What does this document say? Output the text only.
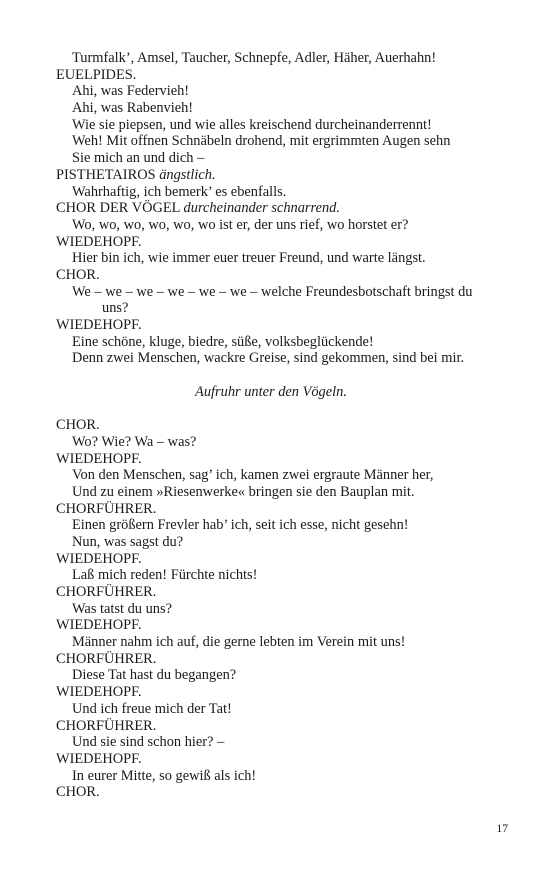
Turmfalk’, Amsel, Taucher, Schnepfe, Adler, Häher, Auerhahn!
EUELPIDES.
Ahi, was Federvieh!
Ahi, was Rabenvieh!
Wie sie piepsen, und wie alles kreischend durcheinanderrennt!
Weh! Mit offnen Schnäbeln drohend, mit ergrimmten Augen sehn
Sie mich an und dich –
PISTHETAIROS ängstlich.
Wahrhaftig, ich bemerk’ es ebenfalls.
CHOR DER VÖGEL durcheinander schnarrend.
Wo, wo, wo, wo, wo, wo ist er, der uns rief, wo horstet er?
WIEDEHOPF.
Hier bin ich, wie immer euer treuer Freund, und warte längst.
CHOR.
We – we – we – we – we – we – welche Freundesbotschaft bringst du
uns?
WIEDEHOPF.
Eine schöne, kluge, biedre, süße, volksbeglückende!
Denn zwei Menschen, wackre Greise, sind gekommen, sind bei mir.
Aufruhr unter den Vögeln.
CHOR.
Wo? Wie? Wa – was?
WIEDEHOPF.
Von den Menschen, sag’ ich, kamen zwei ergraute Männer her,
Und zu einem »Riesenwerke« bringen sie den Bauplan mit.
CHORFÜHRER.
Einen größern Frevler hab’ ich, seit ich esse, nicht gesehn!
Nun, was sagst du?
WIEDEHOPF.
Laß mich reden! Fürchte nichts!
CHORFÜHRER.
Was tatst du uns?
WIEDEHOPF.
Männer nahm ich auf, die gerne lebten im Verein mit uns!
CHORFÜHRER.
Diese Tat hast du begangen?
WIEDEHOPF.
Und ich freue mich der Tat!
CHORFÜHRER.
Und sie sind schon hier? –
WIEDEHOPF.
In eurer Mitte, so gewiß als ich!
CHOR.
17
